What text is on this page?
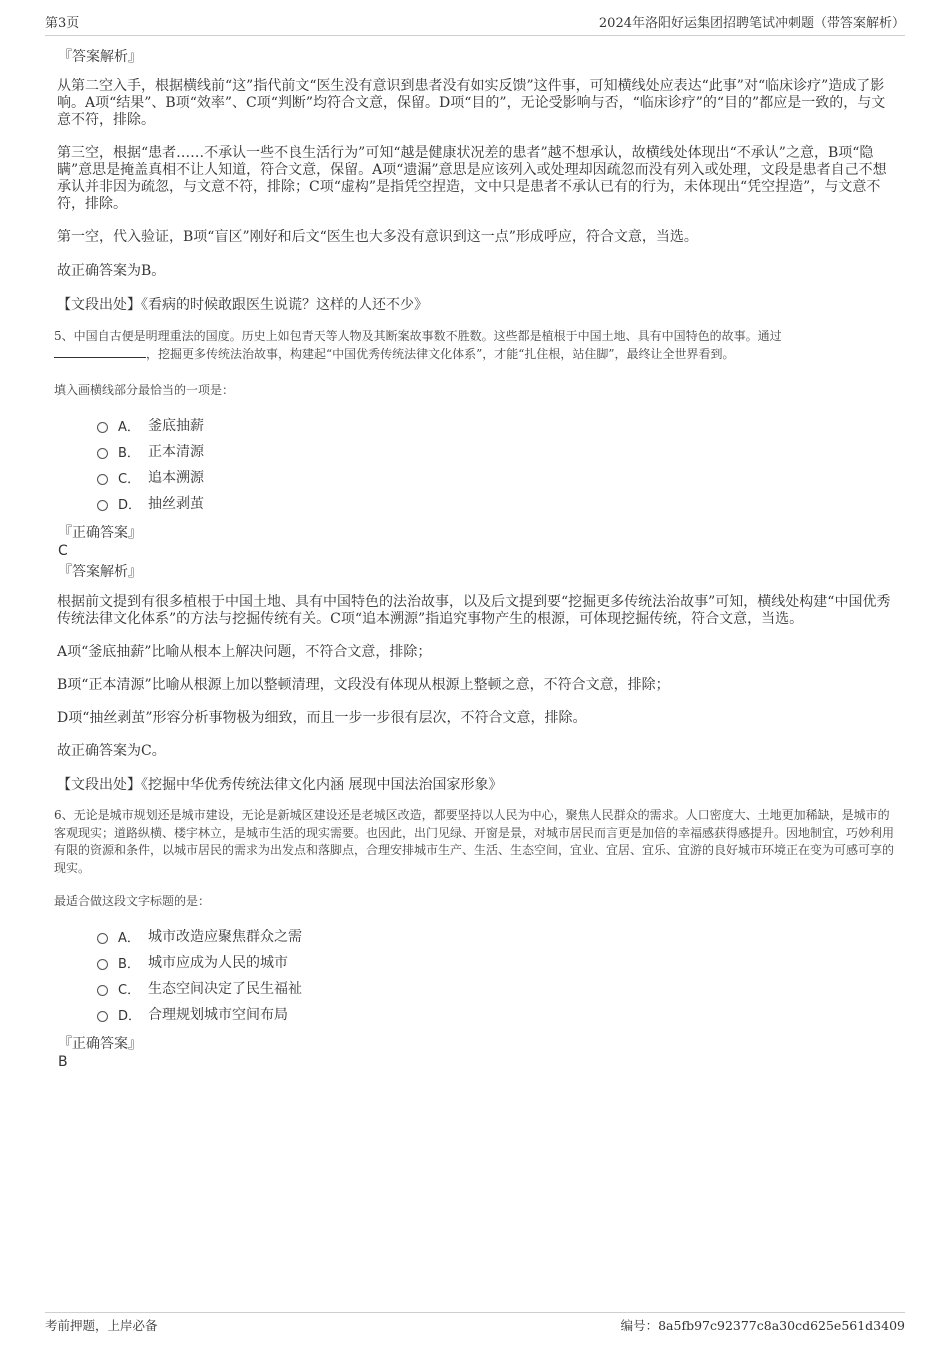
第3页	2024年洛阳好运集团招聘笔试冲刺题（带答案解析）
『答案解析』

从第二空入手，根据横线前“这”指代前文“医生没有意识到患者没有如实反馈”这件事，可知横线处应表达“此事”对“临床诊疗”造成了影响。A项“结果”、B项“效率”、C项“判断”均符合文意，保留。D项“目的”，无论受影响与否，“临床诊疗”的“目的”都应是一致的，与文意不符，排除。

第三空，根据“患者……不承认一些不良生活行为”可知“越是健康状况差的患者”越不想承认，故横线处体现出“不承认”之意，B项“隐瞒”意思是掩盖真相不让人知道，符合文意，保留。A项“遗漏”意思是应该列入或处理却因疏忽而没有列入或处理，文段是患者自己不想承认并非因为疏忽，与文意不符，排除；C项“虚构”是指凭空捏造，文中只是患者不承认已有的行为，未体现出“凭空捏造”，与文意不符，排除。

第一空，代入验证，B项“盲区”刚好和后文“医生也大多没有意识到这一点”形成呼应，符合文意，当选。

故正确答案为B。

【文段出处】《看病的时候敢跟医生说谎？这样的人还不少》

5、中国自古便是明理重法的国度。历史上如包青天等人物及其断案故事数不胜数。这些都是植根于中国土地、具有中国特色的故事。通过
，挖掘更多传统法治故事，构建起“中国优秀传统法律文化体系”，才能“扎住根，站住脚”，最终让全世界看到。

填入画横线部分最恰当的一项是：

A． 釜底抽薪
B． 正本清源
C． 追本溯源
D． 抽丝剥茧
『正确答案』
C
『答案解析』

根据前文提到有很多植根于中国土地、具有中国特色的法治故事，以及后文提到要“挖掘更多传统法治故事”可知，横线处构建“中国优秀传统法律文化体系”的方法与挖掘传统有关。C项“追本溯源”指追究事物产生的根源，可体现挖掘传统，符合文意，当选。

A项“釜底抽薪”比喻从根本上解决问题，不符合文意，排除；

B项“正本清源”比喻从根源上加以整顿清理，文段没有体现从根源上整顿之意，不符合文意，排除；

D项“抽丝剥茧”形容分析事物极为细致，而且一步一步很有层次，不符合文意，排除。

故正确答案为C。

【文段出处】《挖掘中华优秀传统法律文化内涵 展现中国法治国家形象》

6、无论是城市规划还是城市建设，无论是新城区建设还是老城区改造，都要坚持以人民为中心，聚焦人民群众的需求。人口密度大、土地更加稀缺，是城市的客观现实；道路纵横、楼宇林立，是城市生活的现实需要。也因此，出门见绿、开窗是景，对城市居民而言更是加倍的幸福感获得感提升。因地制宜，巧妙利用有限的资源和条件，以城市居民的需求为出发点和落脚点，合理安排城市生产、生活、生态空间，宜业、宜居、宜乐、宜游的良好城市环境正在变为可感可享的现实。

最适合做这段文字标题的是：

A． 城市改造应聚焦群众之需
B． 城市应成为人民的城市
C． 生态空间决定了民生福祉
D． 合理规划城市空间布局
『正确答案』
B
考前押题，上岸必备	编号：8a5fb97c92377c8a30cd625e561d3409
